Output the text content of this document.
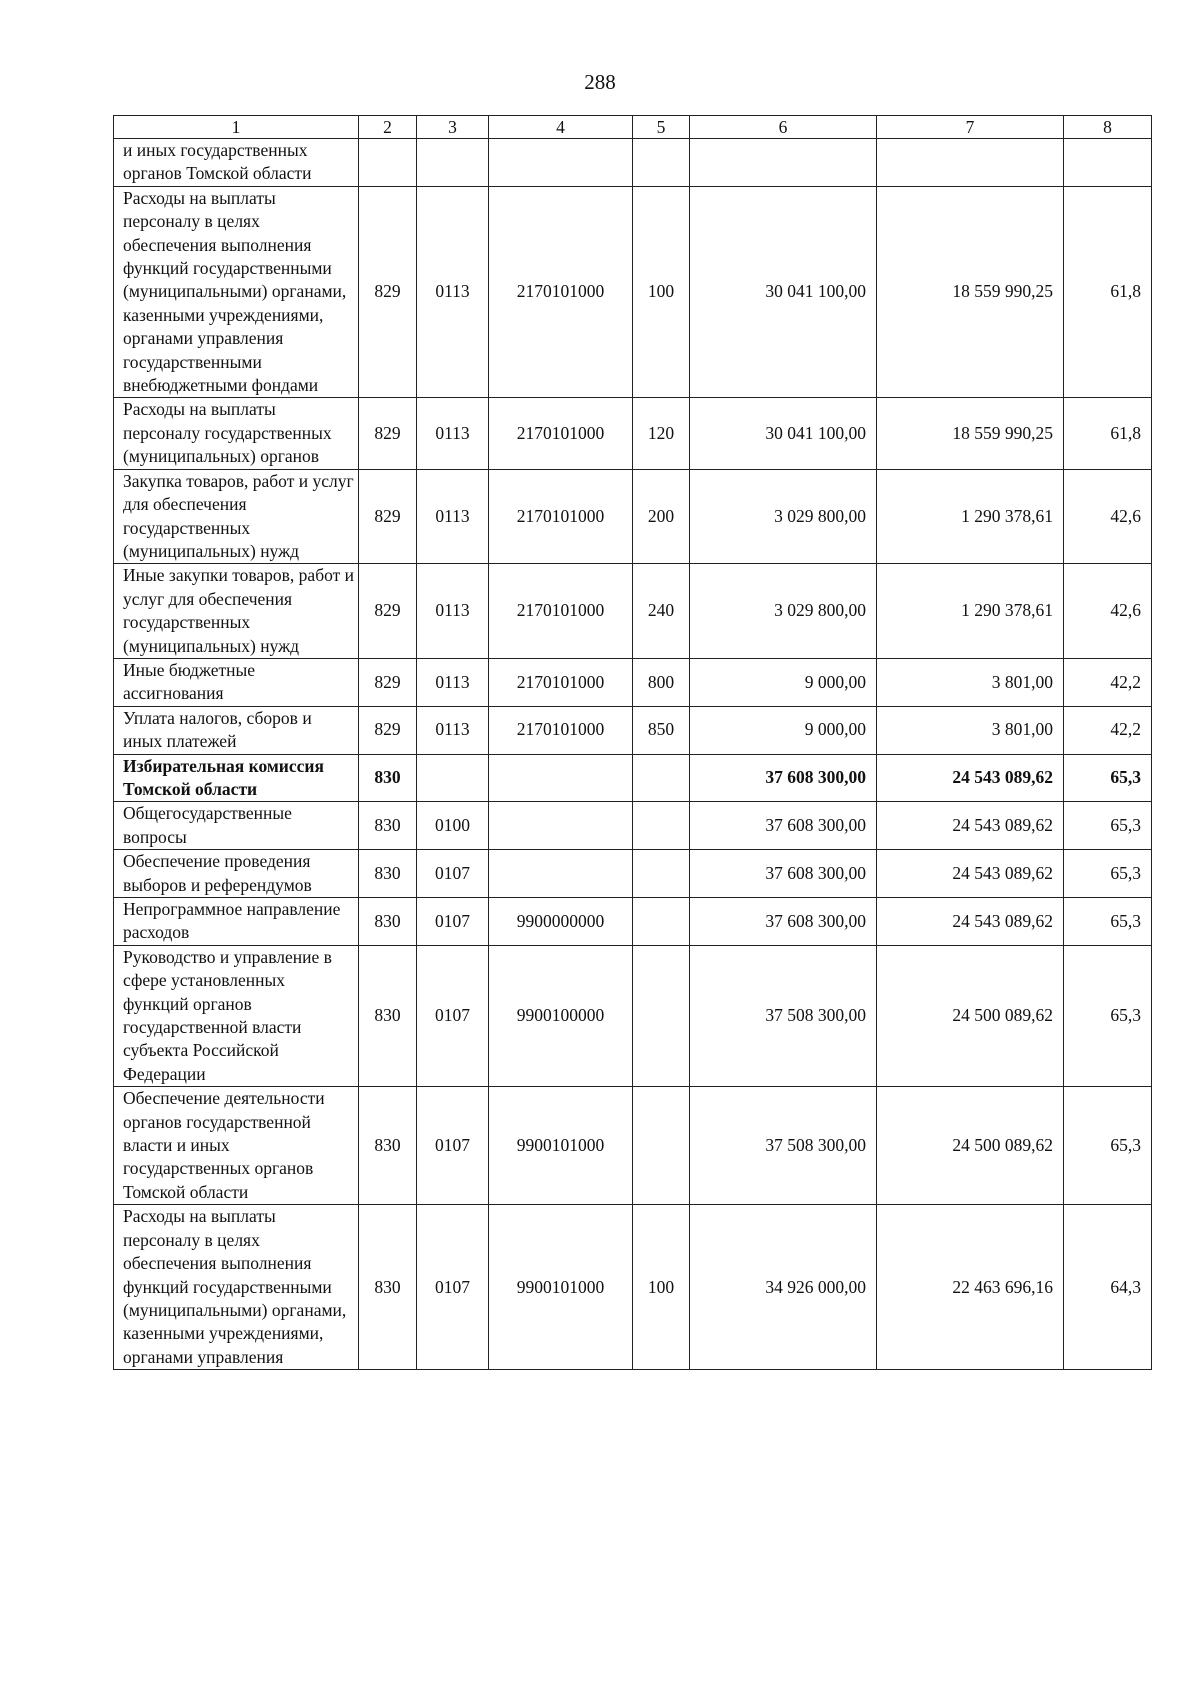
288
1	2	3	4	5	6	7	8
и иных государственных органов Томской области							
Расходы на выплаты персоналу в целях обеспечения выполнения функций государственными (муниципальными) органами, казенными учреждениями, органами управления государственными внебюджетными фондами	829	0113	2170101000	100	30 041 100,00	18 559 990,25	61,8
Расходы на выплаты персоналу государственных (муниципальных) органов	829	0113	2170101000	120	30 041 100,00	18 559 990,25	61,8
Закупка товаров, работ и услуг для обеспечения государственных (муниципальных) нужд	829	0113	2170101000	200	3 029 800,00	1 290 378,61	42,6
Иные закупки товаров, работ и услуг для обеспечения государственных (муниципальных) нужд	829	0113	2170101000	240	3 029 800,00	1 290 378,61	42,6
Иные бюджетные ассигнования	829	0113	2170101000	800	9 000,00	3 801,00	42,2
Уплата налогов, сборов и иных платежей	829	0113	2170101000	850	9 000,00	3 801,00	42,2
Избирательная комиссия Томской области	830				37 608 300,00	24 543 089,62	65,3
Общегосударственные вопросы	830	0100			37 608 300,00	24 543 089,62	65,3
Обеспечение проведения выборов и референдумов	830	0107			37 608 300,00	24 543 089,62	65,3
Непрограммное направление расходов	830	0107	9900000000		37 608 300,00	24 543 089,62	65,3
Руководство и управление в сфере установленных функций органов государственной власти субъекта Российской Федерации	830	0107	9900100000		37 508 300,00	24 500 089,62	65,3
Обеспечение деятельности органов государственной власти и иных государственных органов Томской области	830	0107	9900101000		37 508 300,00	24 500 089,62	65,3
Расходы на выплаты персоналу в целях обеспечения выполнения функций государственными (муниципальными) органами, казенными учреждениями, органами управления	830	0107	9900101000	100	34 926 000,00	22 463 696,16	64,3
